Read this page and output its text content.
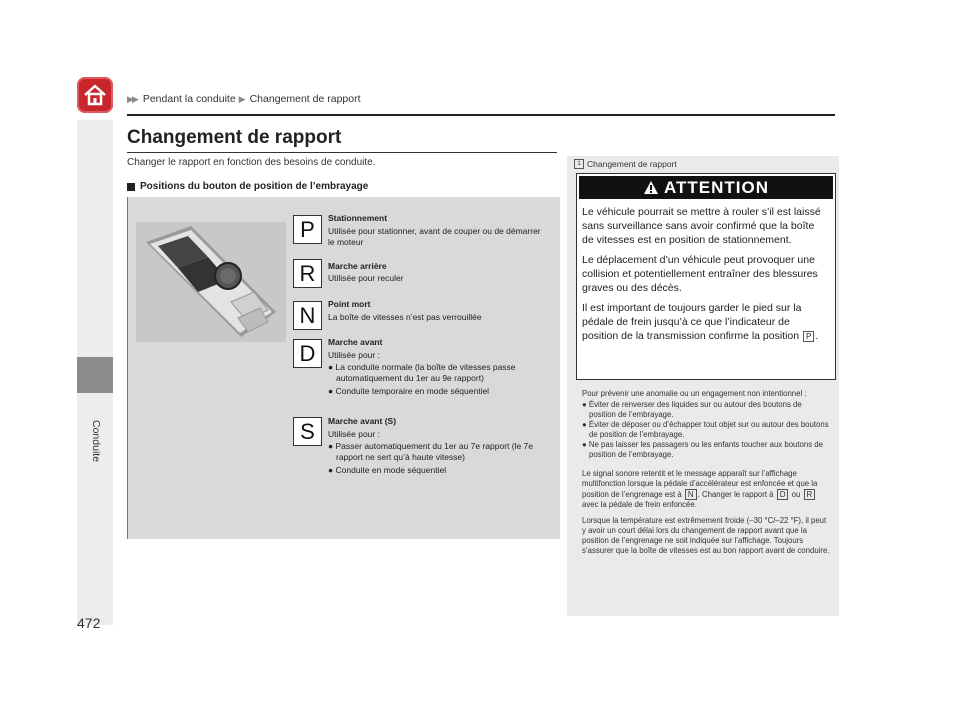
▶▶ Pendant la conduite ▶ Changement de rapport
Conduite
472
Changement de rapport
Changer le rapport en fonction des besoins de conduite.
Positions du bouton de position de l’embrayage
P	Stationnement
Utilisée pour stationner, avant de couper ou de démarrer le moteur
R	Marche arrière
Utilisée pour reculer
N	Point mort
La boîte de vitesses n’est pas verrouillée
D	Marche avant
Utilisée pour :
● La conduite normale (la boîte de vitesses passe automatiquement du 1er au 9e rapport)
● Conduite temporaire en mode séquentiel
S	Marche avant (S)
Utilisée pour :
● Passer automatiquement du 1er au 7e rapport (le 7e rapport ne sert qu’à haute vitesse)
● Conduite en mode séquentiel
1 Changement de rapport
ATTENTION

Le véhicule pourrait se mettre à rouler s’il est laissé sans surveillance sans avoir confirmé que la boîte de vitesses est en position de stationnement.

Le déplacement d’un véhicule peut provoquer une collision et potentiellement entraîner des blessures graves ou des décès.

Il est important de toujours garder le pied sur la pédale de frein jusqu’à ce que l’indicateur de position de la transmission confirme la position P .

Pour prévenir une anomalie ou un engagement non intentionnel :

● Éviter de renverser des liquides sur ou autour des boutons de position de l’embrayage.
● Éviter de déposer ou d’échapper tout objet sur ou autour des boutons de position de l’embrayage.
● Ne pas laisser les passagers ou les enfants toucher aux boutons de position de l’embrayage.

Le signal sonore retentit et le message apparaît sur l’affichage multifonction lorsque la pédale d’accélérateur est enfoncée et que la position de l’engrenage est à N . Changer le rapport à D ou R avec la pédale de frein enfoncée.

Lorsque la température est extrêmement froide (–30 °C/–22 °F), il peut y avoir un court délai lors du changement de rapport avant que la position de l’engrenage ne soit indiquée sur l’affichage. Toujours s’assurer que la boîte de vitesses est au bon rapport avant de conduire.
